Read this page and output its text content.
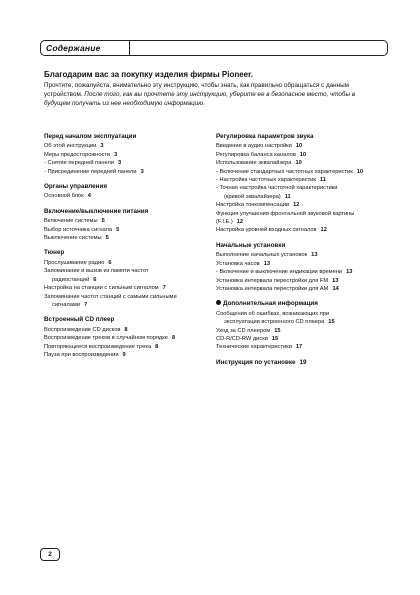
Содержание
Благодарим вас за покупку изделия фирмы Pioneer.
Прочтите, пожалуйста, внимательно эту инструкцию, чтобы знать, как правильно обращаться с данным устройством. После того, как вы прочтете эту инструкцию, уберите ее в безопасное место, чтобы в будущем получать из нее необходимую информацию.
Перед началом эксплуатации
Об этой инструкции 3
Меры предосторожности 3
- Снятие передней панели 3
- Присоединение передней панели 3
Органы управления
Основной блок 4
Включение/выключение питания
Включение системы 5
Выбор источника сигнала 5
Выключение системы 5
Тюнер
Прослушивание радио 6
Запоминание и вызов из памяти частот
радиостанций 6
Настройка на станции с сильным сигналом 7
Запоминание частот станций с самыми сильными
сигналами 7
Встроенный CD плеер
Воспроизведение CD дисков 8
Воспроизведение треков в случайном порядке 8
Повторяющееся воспроизведение трека 8
Пауза при воспроизведении 9
Регулировка параметров звука
Введение в аудио настройки 10
Регулировка баланса каналов 10
Использование эквалайзера 10
- Включение стандартных частотных характеристик 10
- Настройка частотных характеристик 11
- Точная настройка частотной характеристики
(кривой эквалайзера) 11
Настройка тонкомпенсации 12
Функция улучшения фронтальной звуковой картины
(F.I.E.) 12
Настройка уровней входных сигналов 12
Начальные установки
Выполнение начальных установок 13
Установка часов 13
- Включение и выключение индикации времени 13
Установка интервала перестройки для FM 13
Установка интервала перестройки для AM 14
Дополнительная информация
Сообщения об ошибках, возникающих при
эксплуатации встроенного CD плеера 15
Уход за CD плеером 15
CD-R/CD-RW диски 15
Технические характеристики 17
Инструкция по установке 19
2
